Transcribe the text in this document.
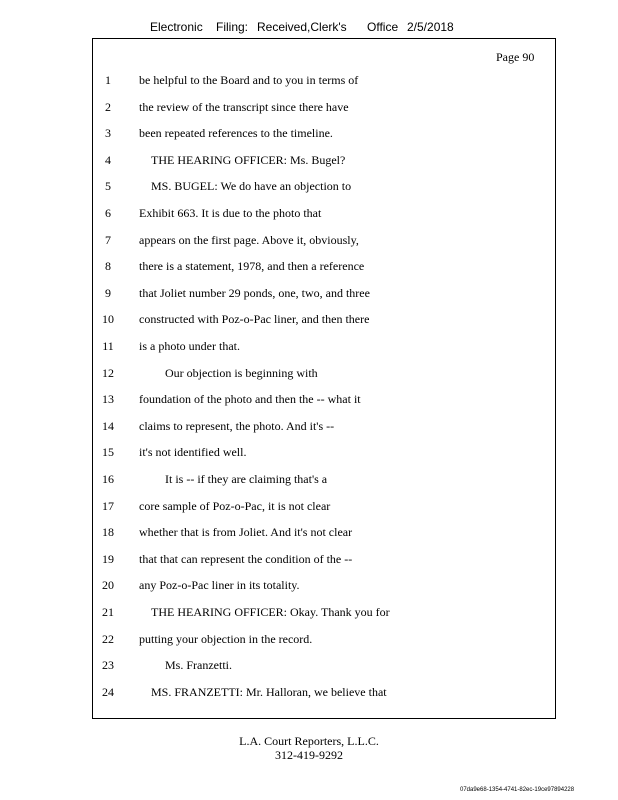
Electronic Filing: Received,Clerk's Office 2/5/2018
Page 90
1	be helpful to the Board and to you in terms of
2	the review of the transcript since there have
3	been repeated references to the timeline.
4	THE HEARING OFFICER: Ms. Bugel?
5	MS. BUGEL: We do have an objection to
6	Exhibit 663. It is due to the photo that
7	appears on the first page. Above it, obviously,
8	there is a statement, 1978, and then a reference
9	that Joliet number 29 ponds, one, two, and three
10	constructed with Poz-o-Pac liner, and then there
11	is a photo under that.
12	Our objection is beginning with
13	foundation of the photo and then the -- what it
14	claims to represent, the photo. And it's --
15	it's not identified well.
16	It is -- if they are claiming that's a
17	core sample of Poz-o-Pac, it is not clear
18	whether that is from Joliet. And it's not clear
19	that that can represent the condition of the --
20	any Poz-o-Pac liner in its totality.
21	THE HEARING OFFICER: Okay. Thank you for
22	putting your objection in the record.
23	Ms. Franzetti.
24	MS. FRANZETTI: Mr. Halloran, we believe that
L.A. Court Reporters, L.L.C.
312-419-9292
07da9e68-1354-4741-82ec-19ce97894228
